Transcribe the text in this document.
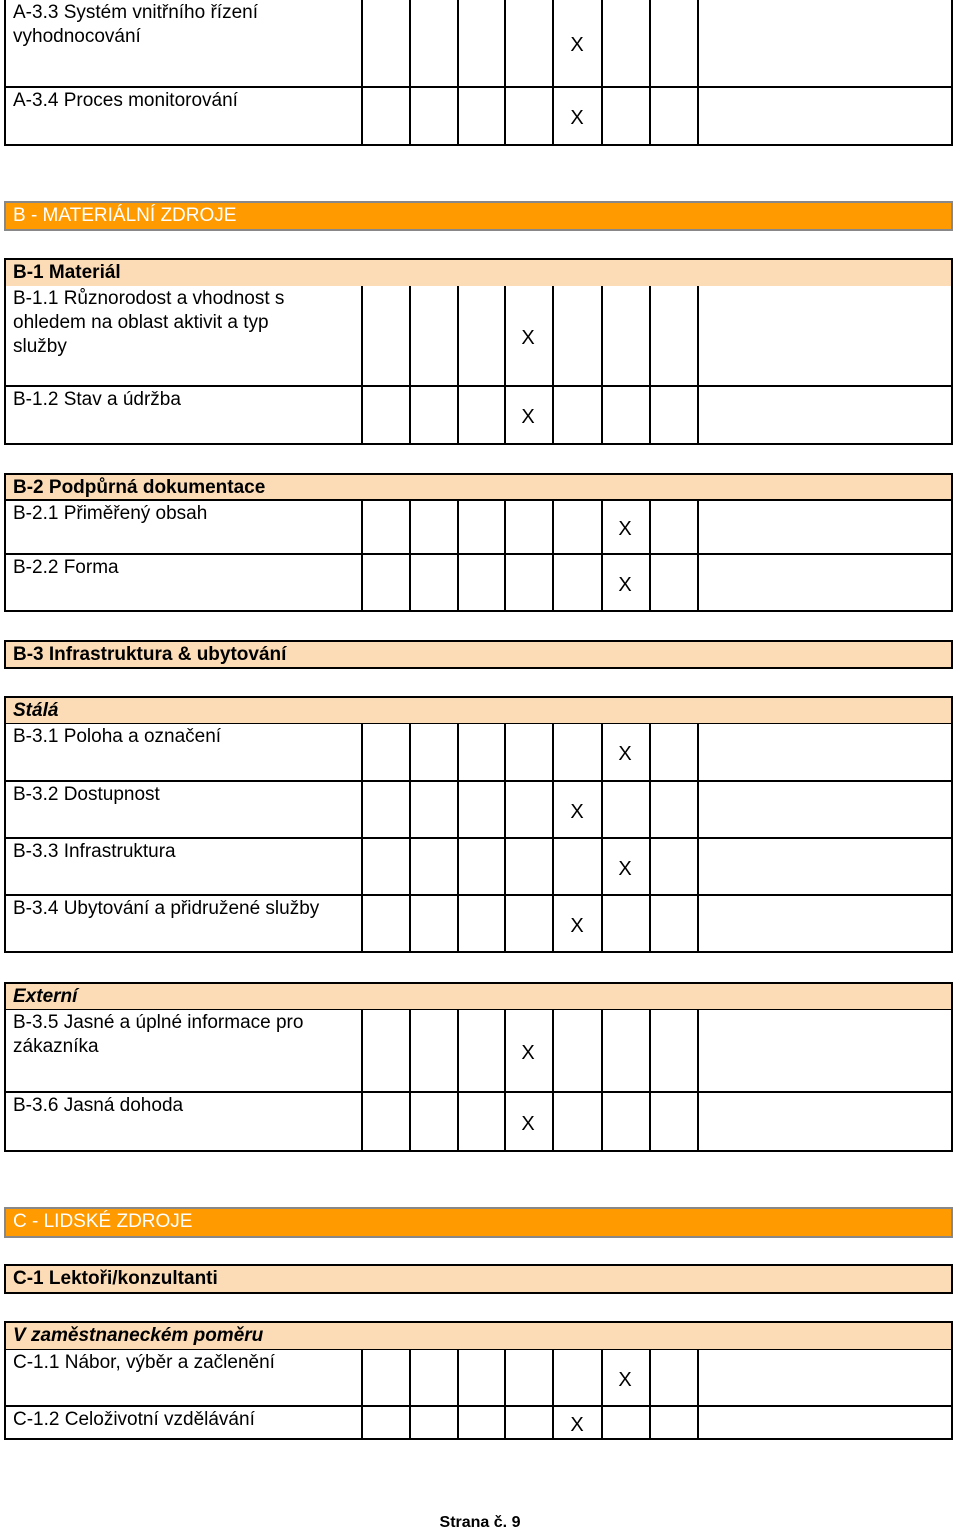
X
A-3.3 Systém vnitřního řízení
vyhodnocování
X
A-3.4 Proces monitorování
B - MATERIÁLNÍ ZDROJE
B-1 Materiál
X
B-1.1 Různorodost a vhodnost s
ohledem na oblast aktivit a typ
služby
X
B-1.2 Stav a údržba
B-2 Podpůrná dokumentace
X
B-2.1 Přiměřený obsah
X
B-2.2 Forma
B-3 Infrastruktura & ubytování
Stálá
X
B-3.1 Poloha a označení
X
B-3.2 Dostupnost
X
B-3.3 Infrastruktura
X
B-3.4 Ubytování a přidružené služby
Externí
X
B-3.5 Jasné a úplné informace pro
zákazníka
X
B-3.6 Jasná dohoda
C - LIDSKÉ ZDROJE
C-1 Lektoři/konzultanti
V zaměstnaneckém poměru
X
C-1.1 Nábor, výběr a začlenění
X
C-1.2 Celoživotní vzdělávání
Strana č. 9
